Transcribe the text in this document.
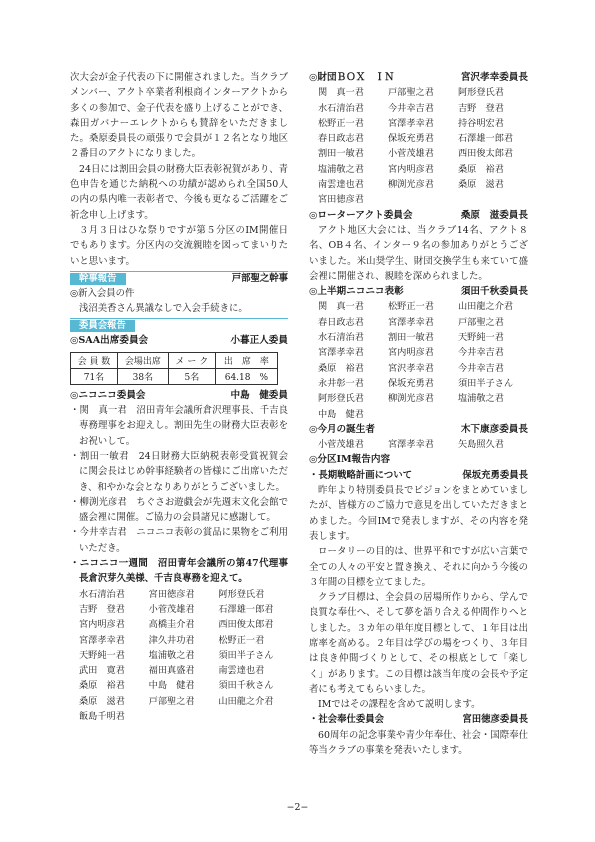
次大会が金子代表の下に開催されました。当クラブメンバー、アクト卒業者利根商インターアクトから多くの参加で、金子代表を盛り上げることができ、森田ガバナーエレクトからも賛辞をいただきました。桑原委員長の頑張りで会員が１２名となり地区２番目のアクトになりました。

24日には割田会員の財務大臣表彰祝賀があり、青色申告を通じた納税への功績が認められ全国50人の内の県内唯一表彰者で、今後も更なるご活躍をご祈念申し上げます。

３月３日はひな祭りですが第５分区のIM開催日でもあります。分区内の交流親睦を図ってまいりたいと思います。

幹事報告	戸部聖之幹事

◎新入会員の件

浅沼美香さん異議なしで入会手続きに。

委員会報告
◎SAA出席委員会	小暮正人委員
会 員 数	会場出席	メ ー ク	出　席　率
71名	38名	5名	64.18　%
◎ニコニコ委員会	中島　健委員

・関　真一君　沼田青年会議所倉沢理事長、千吉良専務理事をお迎えし。割田先生の財務大臣表彰をお祝いして。

・割田一敏君　24日財務大臣納税表彰受賞祝賀会に関会長はじめ幹事経験者の皆様にご出席いただき、和やかな会となりありがとうございました。

・柳渕光彦君　ちぐさお遊戯会が先週末文化会館で盛会裡に開催。ご協力の会員諸兄に感謝して。

・今井幸吉君　ニコニコ表彰の賞品に果物をご利用いただき。

・ニコニコ一週間　沼田青年会議所の第47代理事長倉沢芽久美様、千吉良専務を迎えて。

水石清治君	宮田徳彦君	阿形登氏君
吉野　登君	小菅茂雄君	石澤雄一郎君
宮内明彦君	高橋圭介君	西田俊太郎君
宮澤孝幸君	津久井功君	松野正一君
天野純一君	塩浦敬之君	須田半子さん
武田　寛君	福田真盛君	南雲達也君
桑原　裕君	中島　健君	須田千秋さん
桑原　滋君	戸部聖之君	山田龍之介君
飯島千明君
◎財団ＢＯＸ　ＩＮ	宮沢孝幸委員長
関　真一君	戸部聖之君	阿形登氏君
水石清治君	今井幸吉君	吉野　登君
松野正一君	宮澤孝幸君	持谷明宏君
春日政志君	保坂充勇君	石澤雄一郎君
割田一敏君	小菅茂雄君	西田俊太郎君
塩浦敬之君	宮内明彦君	桑原　裕君
南雲達也君	柳渕光彦君	桑原　滋君
宮田徳彦君
◎ローターアクト委員会	桑原　滋委員長

アクト地区大会には、当クラブ14名、アクト８名、OB４名、インター９名の参加ありがとうございました。米山奨学生、財団交換学生も来ていて盛会裡に開催され、親睦を深められました。

◎上半期ニコニコ表彰	須田千秋委員長
関　真一君	松野正一君	山田龍之介君
春日政志君	宮澤孝幸君	戸部聖之君
水石清治君	割田一敏君	天野純一君
宮澤孝幸君	宮内明彦君	今井幸吉君
桑原　裕君	宮沢孝幸君	今井幸吉君
永井彰一君	保坂充勇君	須田半子さん
阿形登氏君	柳渕光彦君	塩浦敬之君
中島　健君
◎今月の誕生者	木下康彦委員長
小菅茂雄君	宮澤孝幸君	矢島照久君
◎分区IM報告内容
・長期戦略計画について	保坂充勇委員長

昨年より特別委員長でビジョンをまとめていましたが、皆様方のご協力で意見を出していただきまとめました。今回IMで発表しますが、その内容を発表します。

ロータリーの目的は、世界平和ですが広い言葉で全ての人々の平安と置き換え、それに向かう今後の３年間の目標を立てました。

クラブ目標は、全会員の居場所作りから、学んで良質な奉仕へ、そして夢を語り合える仲間作りへとしました。３カ年の単年度目標として、１年目は出席率を高める。２年目は学びの場をつくり、３年目は良き仲間づくりとして、その根底として「楽しく」があります。この目標は該当年度の会長や予定者にも考えてもらいました。

IMではその課程を含めて説明します。

・社会奉仕委員会	宮田徳彦委員長

60周年の記念事業や青少年奉仕、社会・国際奉仕等当クラブの事業を発表いたします。

−2−
